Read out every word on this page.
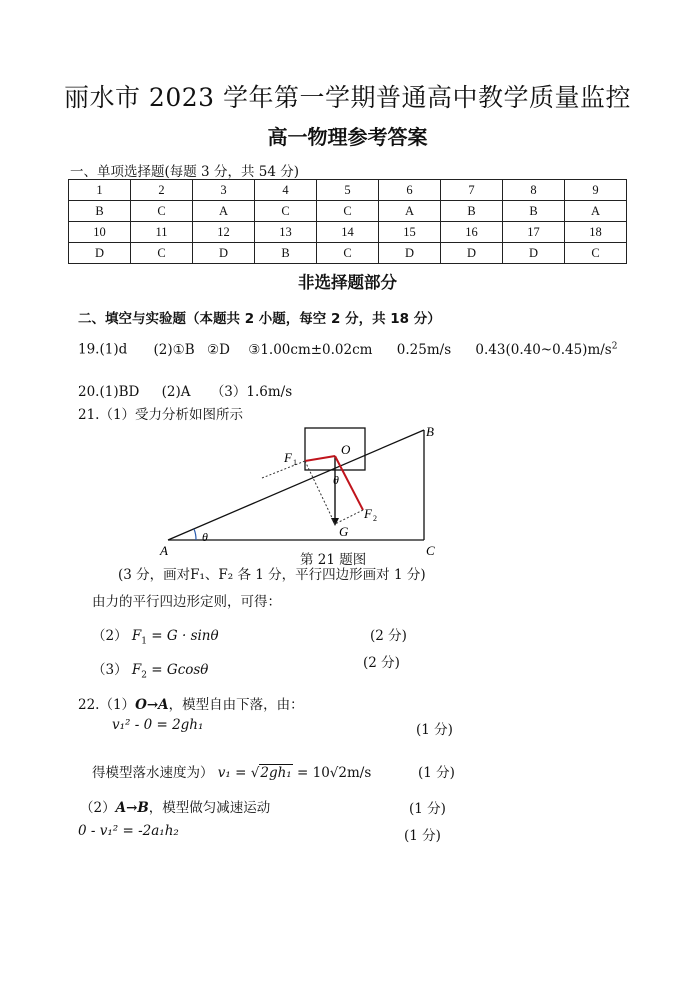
丽水市 2023 学年第一学期普通高中教学质量监控
高一物理参考答案
一、单项选择题(每题 3 分，共 54 分)
1	2	3	4	5	6	7	8	9
B	C	A	C	C	A	B	B	A
10	11	12	13	14	15	16	17	18
D	C	D	B	C	D	D	D	C
非选择题部分
二、填空与实验题（本题共 2 小题，每空 2 分，共 18 分）
19.(1)d (2)①B ②D ③1.00cm±0.02cm 0.25m/s $0.43(0.40\sim 0.45)m/s^2$
20.(1)BD (2)A （3）1.6m/s
21.（1）受力分析如图所示
A	C
B
O
G
θ
θ
F 1
F 2
第 21 题图
(3 分，画对F₁、F₂ 各 1 分，平行四边形画对 1 分)
由力的平行四边形定则，可得：
（2） $F_1 = G \cdot \sin\theta$	(2 分)
（3） $F_2 = Gcos\theta$	(2 分)
22.（1）O→A，模型自由下落，由：
v₁² - 0 = 2gh₁	(1 分)
得模型落水速度为） v₁ = √2gh₁ = 10√2m/s	(1 分)
（2）A→B，模型做匀减速运动	(1 分)
0 - v₁² = -2a₁h₂	(1 分)
